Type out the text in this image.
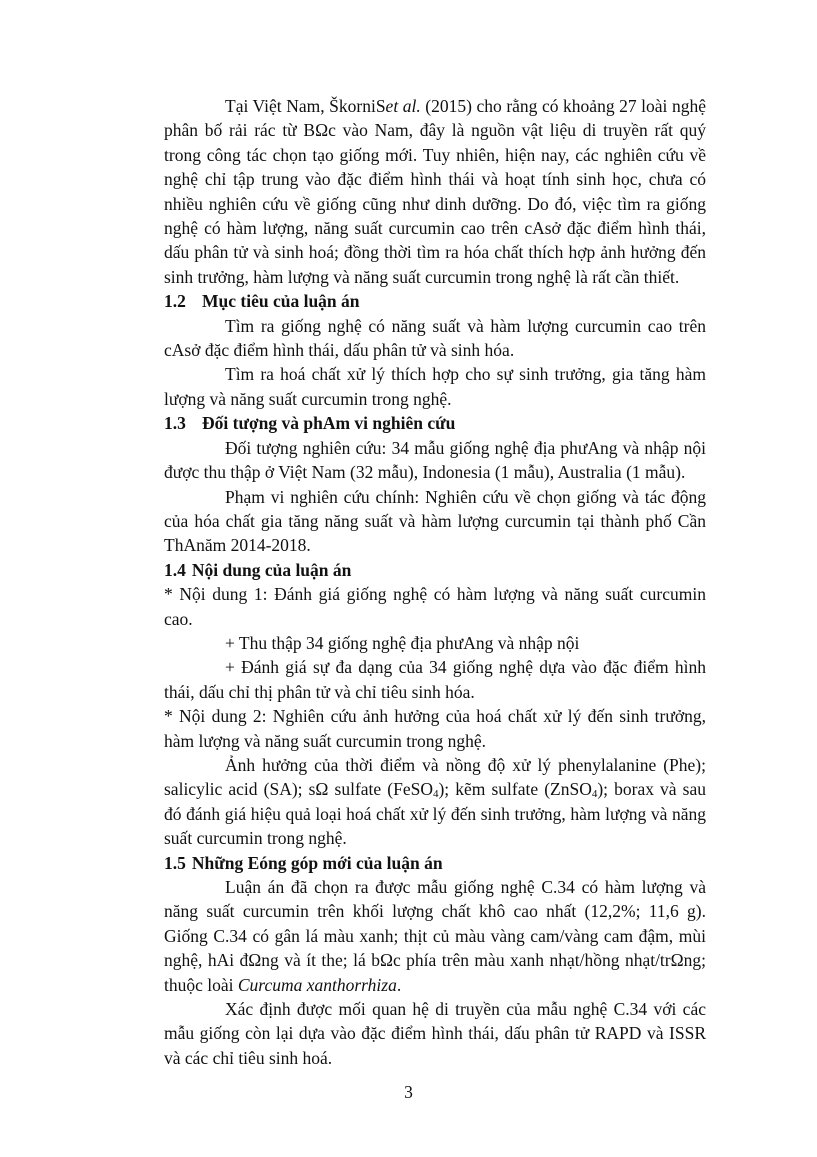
Tại Việt Nam, ŠkorniSet al. (2015) cho rằng có khoảng 27 loài nghệ phân bố rải rác từ BΩc vào Nam, đây là nguồn vật liệu di truyền rất quý trong công tác chọn tạo giống mới. Tuy nhiên, hiện nay, các nghiên cứu về nghệ chỉ tập trung vào đặc điểm hình thái và hoạt tính sinh học, chưa có nhiều nghiên cứu về giống cũng như dinh dưỡng. Do đó, việc tìm ra giống nghệ có hàm lượng, năng suất curcumin cao trên cAsở đặc điểm hình thái, dấu phân tử và sinh hoá; đồng thời tìm ra hóa chất thích hợp ảnh hưởng đến sinh trưởng, hàm lượng và năng suất curcumin trong nghệ là rất cần thiết.

1.2 Mục tiêu của luận án

Tìm ra giống nghệ có năng suất và hàm lượng curcumin cao trên cAsở đặc điểm hình thái, dấu phân tử và sinh hóa.

Tìm ra hoá chất xử lý thích hợp cho sự sinh trưởng, gia tăng hàm lượng và năng suất curcumin trong nghệ.

1.3 Đối tượng và phAm vi nghiên cứu

Đối tượng nghiên cứu: 34 mẫu giống nghệ địa phưAng và nhập nội được thu thập ở Việt Nam (32 mẫu), Indonesia (1 mẫu), Australia (1 mẫu).

Phạm vi nghiên cứu chính: Nghiên cứu về chọn giống và tác động của hóa chất gia tăng năng suất và hàm lượng curcumin tại thành phố Cần ThAnăm 2014-2018.

1.4 Nội dung của luận án

* Nội dung 1: Đánh giá giống nghệ có hàm lượng và năng suất curcumin cao.

+ Thu thập 34 giống nghệ địa phưAng và nhập nội

+ Đánh giá sự đa dạng của 34 giống nghệ dựa vào đặc điểm hình thái, dấu chỉ thị phân tử và chỉ tiêu sinh hóa.

* Nội dung 2: Nghiên cứu ảnh hưởng của hoá chất xử lý đến sinh trưởng, hàm lượng và năng suất curcumin trong nghệ.

Ảnh hưởng của thời điểm và nồng độ xử lý phenylalanine (Phe); salicylic acid (SA); sΩ sulfate (FeSO$_4$); kẽm sulfate (ZnSO$_4$); borax và sau đó đánh giá hiệu quả loại hoá chất xử lý đến sinh trưởng, hàm lượng và năng suất curcumin trong nghệ.

1.5 Những Eóng góp mới của luận án

Luận án đã chọn ra được mẫu giống nghệ C.34 có hàm lượng và năng suất curcumin trên khối lượng chất khô cao nhất (12,2%; 11,6 g). Giống C.34 có gân lá màu xanh; thịt củ màu vàng cam/vàng cam đậm, mùi nghệ, hAi đΩng và ít the; lá bΩc phía trên màu xanh nhạt/hồng nhạt/trΩng; thuộc loài Curcuma xanthorrhiza.

Xác định được mối quan hệ di truyền của mẫu nghệ C.34 với các mẫu giống còn lại dựa vào đặc điểm hình thái, dấu phân tử RAPD và ISSR và các chỉ tiêu sinh hoá.

3
